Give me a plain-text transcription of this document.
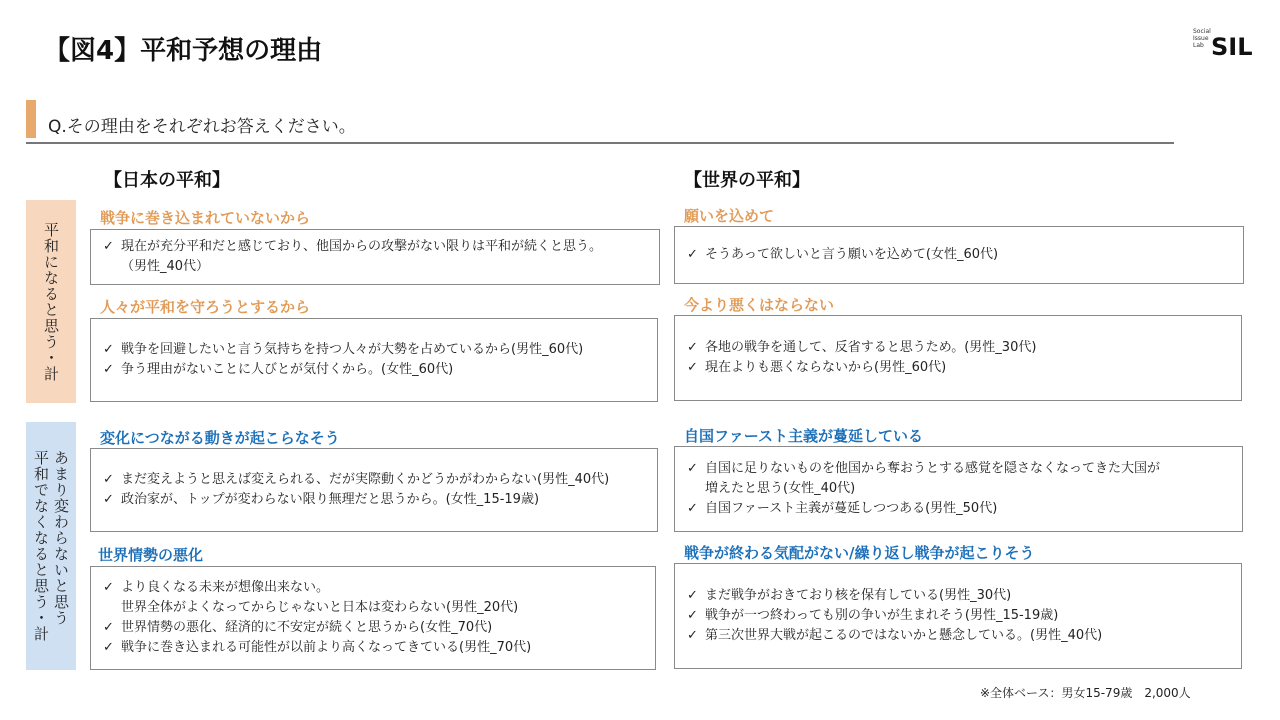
【図4】平和予想の理由
Social Issue Lab SIL
Q.その理由をそれぞれお答えください。
【日本の平和】	【世界の平和】
平和になると思う・計
あまり変わらないと思う
平和でなくなると思う・計
戦争に巻き込まれていないから
✓ 現在が充分平和だと感じており、他国からの攻撃がない限りは平和が続くと思う。
（男性_40代）
人々が平和を守ろうとするから
✓ 戦争を回避したいと言う気持ちを持つ人々が大勢を占めているから(男性_60代)
✓ 争う理由がないことに人びとが気付くから。(女性_60代)
変化につながる動きが起こらなそう
✓ まだ変えようと思えば変えられる、だが実際動くかどうかがわからない(男性_40代)
✓ 政治家が、トップが変わらない限り無理だと思うから。(女性_15-19歳)
世界情勢の悪化
✓ より良くなる未来が想像出来ない。
世界全体がよくなってからじゃないと日本は変わらない(男性_20代)
✓ 世界情勢の悪化、経済的に不安定が続くと思うから(女性_70代)
✓ 戦争に巻き込まれる可能性が以前より高くなってきている(男性_70代)
願いを込めて
✓ そうあって欲しいと言う願いを込めて(女性_60代)
今より悪くはならない
✓ 各地の戦争を通して、反省すると思うため。(男性_30代)
✓ 現在よりも悪くならないから(男性_60代)
自国ファースト主義が蔓延している
✓ 自国に足りないものを他国から奪おうとする感覚を隠さなくなってきた大国が
増えたと思う(女性_40代)
✓ 自国ファースト主義が蔓延しつつある(男性_50代)
戦争が終わる気配がない/繰り返し戦争が起こりそう
✓ まだ戦争がおきており核を保有している(男性_30代)
✓ 戦争が一つ終わっても別の争いが生まれそう(男性_15-19歳)
✓ 第三次世界大戦が起こるのではないかと懸念している。(男性_40代)
※全体ベース：男女15-79歳　2,000人
